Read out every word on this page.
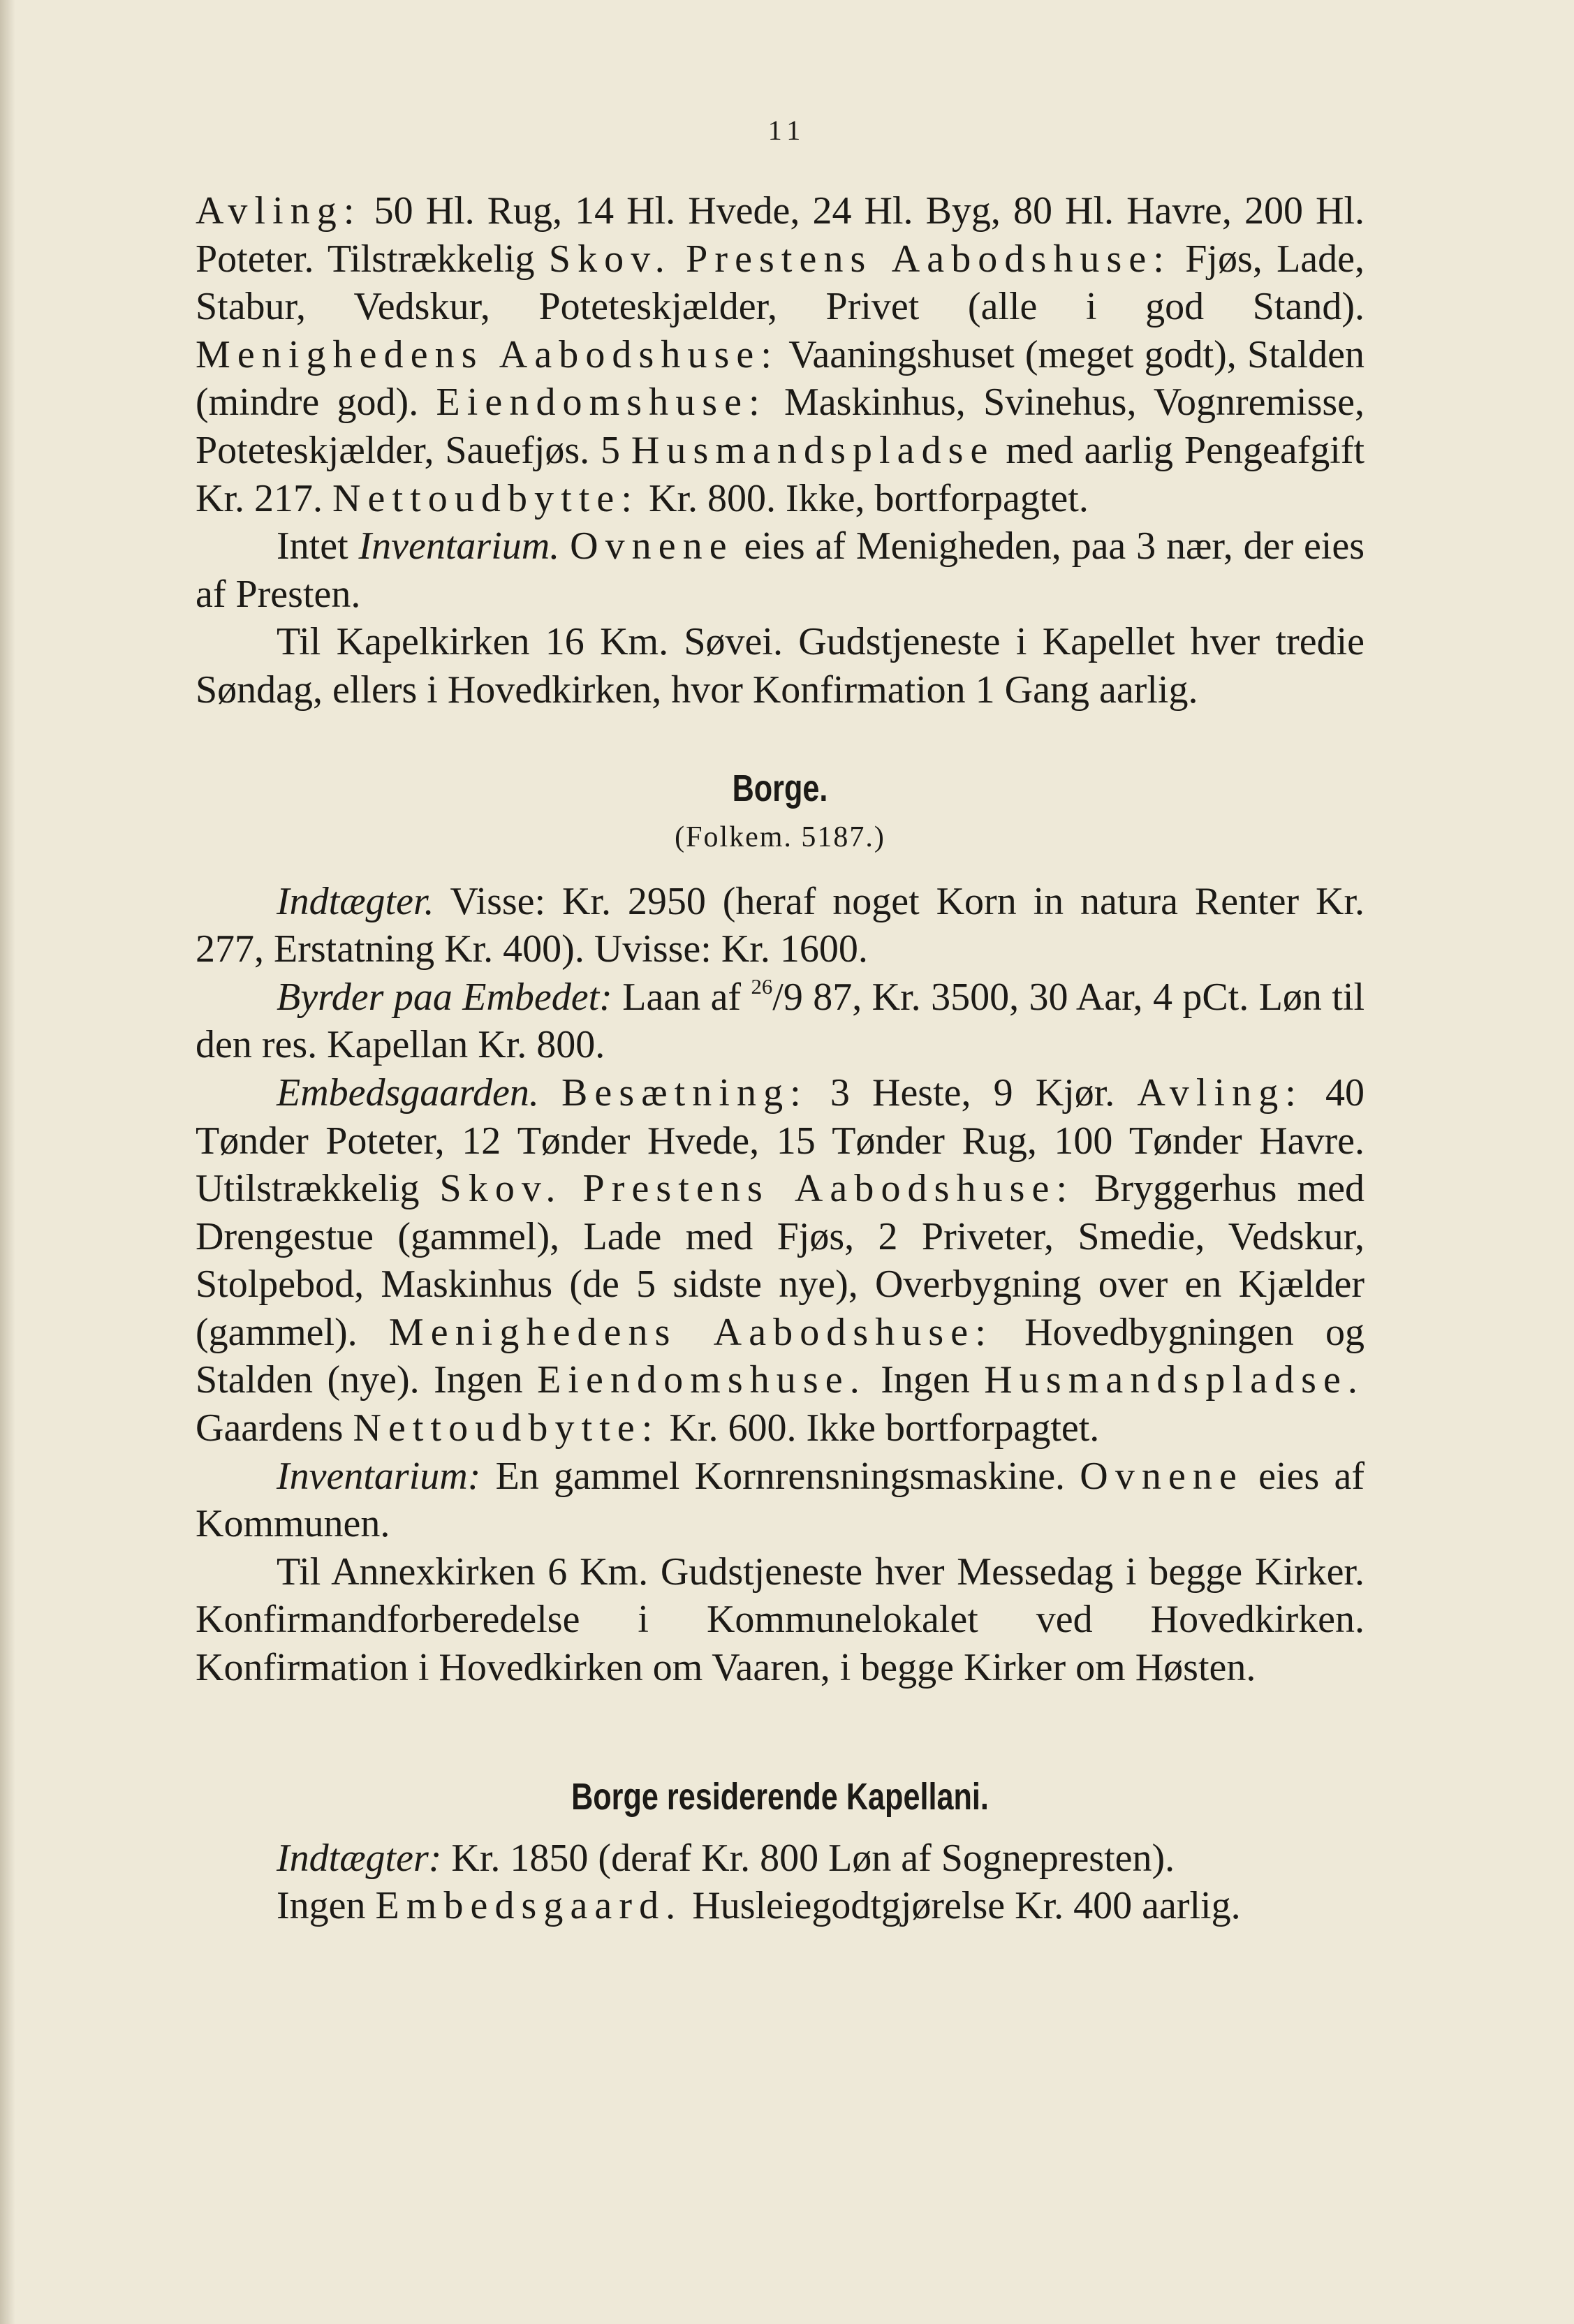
11

Avling: 50 Hl. Rug, 14 Hl. Hvede, 24 Hl. Byg, 80 Hl. Havre, 200 Hl. Poteter. Tilstrækkelig Skov. Prestens Aabodshuse: Fjøs, Lade, Stabur, Vedskur, Poteteskjælder, Privet (alle i god Stand). Menighedens Aabodshuse: Vaaningshuset (meget godt), Stalden (mindre god). Eiendomshuse: Maskinhus, Svinehus, Vognremisse, Poteteskjælder, Sauefjøs. 5 Husmandspladse med aarlig Pengeafgift Kr. 217. Nettoudbytte: Kr. 800. Ikke, bortforpagtet.

Intet Inventarium. Ovnene eies af Menigheden, paa 3 nær, der eies af Presten.

Til Kapelkirken 16 Km. Søvei. Gudstjeneste i Kapellet hver tredie Søndag, ellers i Hovedkirken, hvor Konfirmation 1 Gang aarlig.

Borge.
(Folkem. 5187.)

Indtægter. Visse: Kr. 2950 (heraf noget Korn in natura Renter Kr. 277, Erstatning Kr. 400). Uvisse: Kr. 1600.

Byrder paa Embedet: Laan af $^{26}$/9 87, Kr. 3500, 30 Aar, 4 pCt. Løn til den res. Kapellan Kr. 800.

Embedsgaarden. Besætning: 3 Heste, 9 Kjør. Avling: 40 Tønder Poteter, 12 Tønder Hvede, 15 Tønder Rug, 100 Tønder Havre. Utilstrækkelig Skov. Prestens Aabodshuse: Bryggerhus med Drengestue (gammel), Lade med Fjøs, 2 Priveter, Smedie, Vedskur, Stolpebod, Maskinhus (de 5 sidste nye), Overbygning over en Kjælder (gammel). Menighedens Aabodshuse: Hovedbygningen og Stalden (nye). Ingen Eiendomshuse. Ingen Husmandspladse. Gaardens Nettoudbytte: Kr. 600. Ikke bortforpagtet.

Inventarium: En gammel Kornrensningsmaskine. Ovnene eies af Kommunen.

Til Annexkirken 6 Km. Gudstjeneste hver Messedag i begge Kirker. Konfirmandforberedelse i Kommunelokalet ved Hovedkirken. Konfirmation i Hovedkirken om Vaaren, i begge Kirker om Høsten.

Borge residerende Kapellani.

Indtægter: Kr. 1850 (deraf Kr. 800 Løn af Sognepresten).

Ingen Embedsgaard. Husleiegodtgjørelse Kr. 400 aarlig.
